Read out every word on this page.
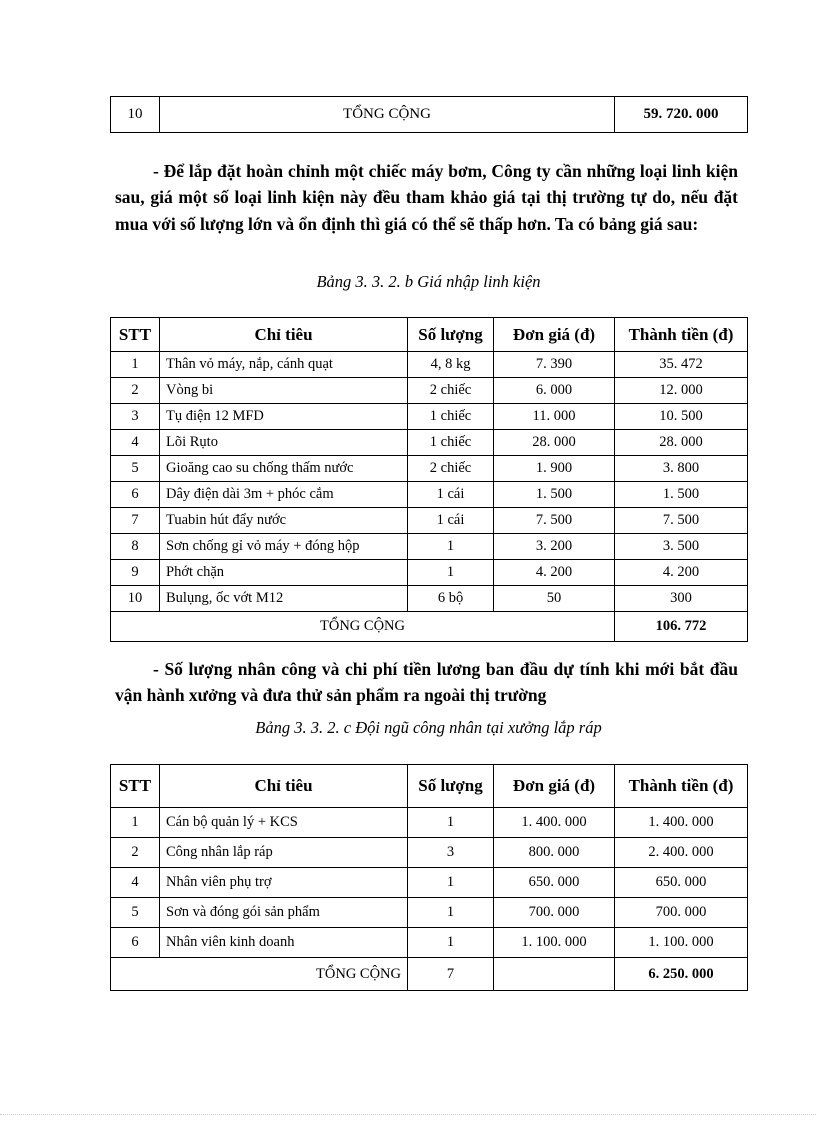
10	TỔNG CỘNG	59. 720. 000

- Để lắp đặt hoàn chỉnh một chiếc máy bơm, Công ty cần những loại linh kiện sau, giá một số loại linh kiện này đều tham khảo giá tại thị trường tự do, nếu đặt mua với số lượng lớn và ổn định thì giá có thể sẽ thấp hơn. Ta có bảng giá sau:

Bảng 3. 3. 2. b Giá nhập linh kiện

STT	Chỉ tiêu	Số lượng	Đơn giá (đ)	Thành tiền (đ)
1	Thân vỏ máy, nắp, cánh quạt	4, 8 kg	7. 390	35. 472
2	Vòng bi	2 chiếc	6. 000	12. 000
3	Tụ điện 12 MFD	1 chiếc	11. 000	10. 500
4	Lõi Rụto	1 chiếc	28. 000	28. 000
5	Gioăng cao su chống thấm nước	2 chiếc	1. 900	3. 800
6	Dây điện dài 3m + phóc cắm	1 cái	1. 500	1. 500
7	Tuabin hút đẩy nước	1 cái	7. 500	7. 500
8	Sơn chống gỉ vỏ máy + đóng hộp	1	3. 200	3. 500
9	Phớt chặn	1	4. 200	4. 200
10	Bulụng, ốc vớt M12	6 bộ	50	300
TỔNG CỘNG				106. 772

- Số lượng nhân công và chi phí tiền lương ban đầu dự tính khi mới bắt đầu vận hành xưởng và đưa thử sản phẩm ra ngoài thị trường

Bảng 3. 3. 2. c Đội ngũ công nhân tại xưởng lắp ráp

STT	Chỉ tiêu	Số lượng	Đơn giá (đ)	Thành tiền (đ)
1	Cán bộ quản lý + KCS	1	1. 400. 000	1. 400. 000
2	Công nhân lắp ráp	3	800. 000	2. 400. 000
4	Nhân viên phụ trợ	1	650. 000	650. 000
5	Sơn và đóng gói sản phẩm	1	700. 000	700. 000
6	Nhân viên kinh doanh	1	1. 100. 000	1. 100. 000
TỔNG CỘNG		7		6. 250. 000
